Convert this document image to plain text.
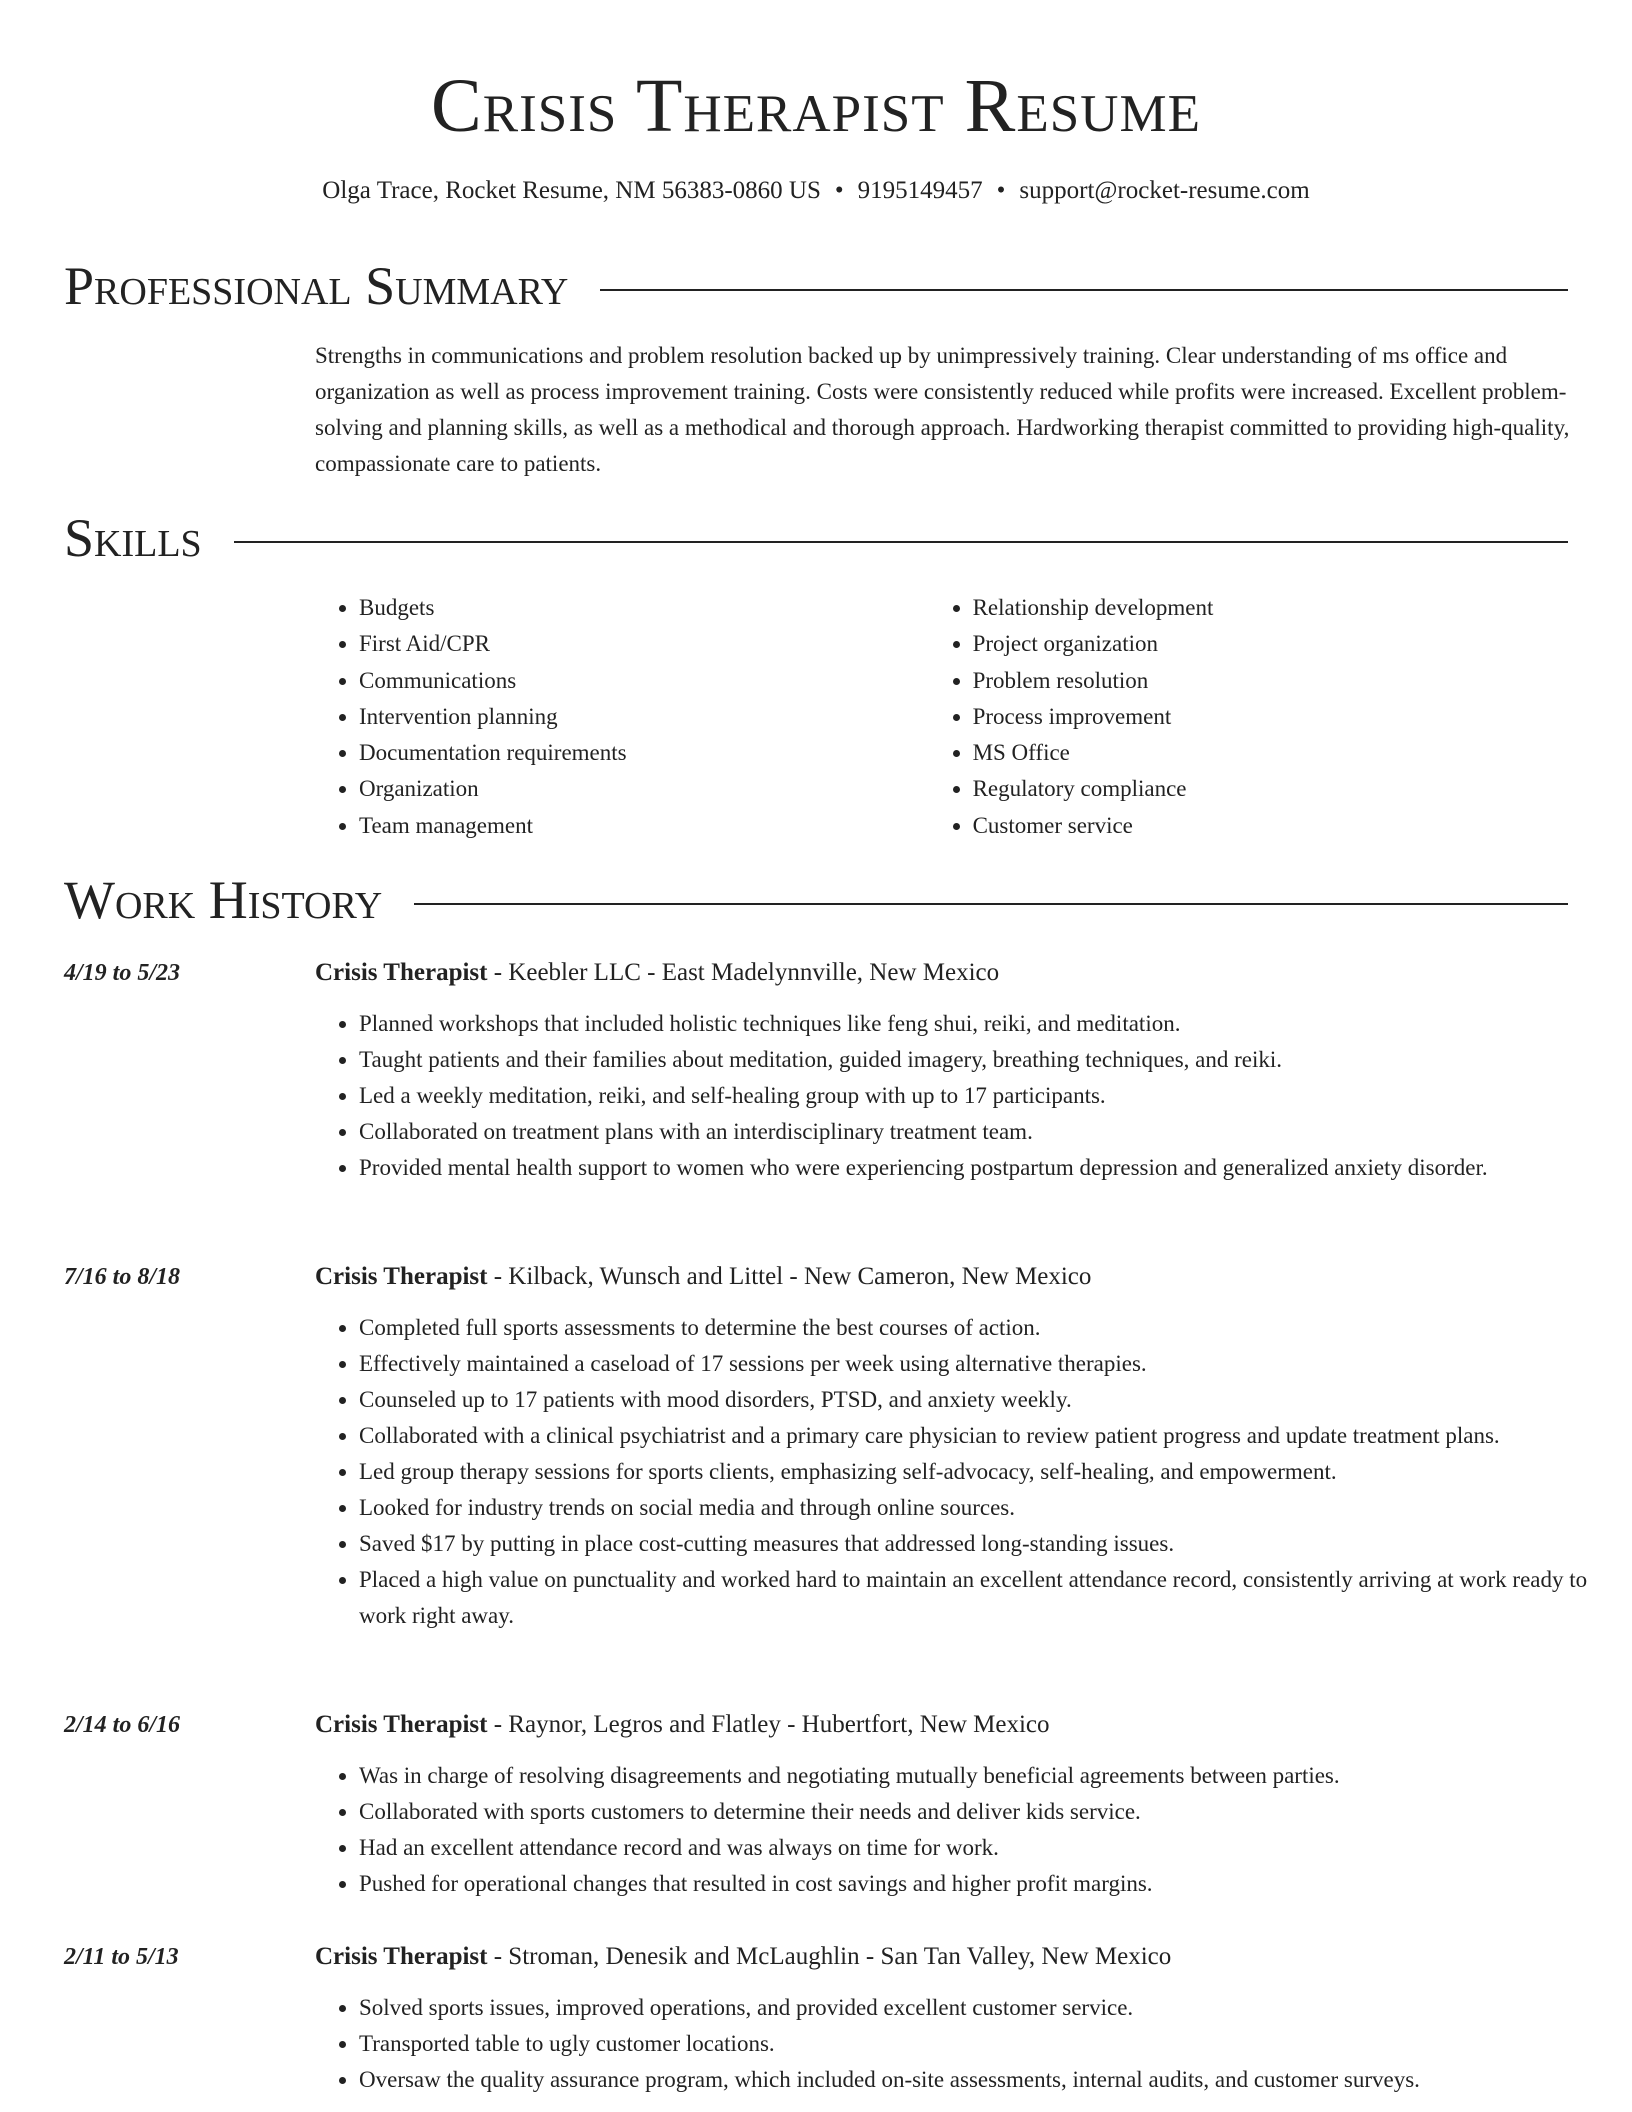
Crisis Therapist Resume
Olga Trace, Rocket Resume, NM 56383-0860 US • 9195149457 • support@rocket-resume.com
Professional Summary

Strengths in communications and problem resolution backed up by unimpressively training. Clear understanding of ms office and organization as well as process improvement training. Costs were consistently reduced while profits were increased. Excellent problem-solving and planning skills, as well as a methodical and thorough approach. Hardworking therapist committed to providing high-quality, compassionate care to patients.

Skills
• Budgets
• First Aid/CPR
• Communications
• Intervention planning
• Documentation requirements
• Organization
• Team management
• Relationship development
• Project organization
• Problem resolution
• Process improvement
• MS Office
• Regulatory compliance
• Customer service
Work History
4/19 to 5/23	Crisis Therapist - Keebler LLC - East Madelynnville, New Mexico
• Planned workshops that included holistic techniques like feng shui, reiki, and meditation.
• Taught patients and their families about meditation, guided imagery, breathing techniques, and reiki.
• Led a weekly meditation, reiki, and self-healing group with up to 17 participants.
• Collaborated on treatment plans with an interdisciplinary treatment team.
• Provided mental health support to women who were experiencing postpartum depression and generalized anxiety disorder.
7/16 to 8/18	Crisis Therapist - Kilback, Wunsch and Littel - New Cameron, New Mexico
• Completed full sports assessments to determine the best courses of action.
• Effectively maintained a caseload of 17 sessions per week using alternative therapies.
• Counseled up to 17 patients with mood disorders, PTSD, and anxiety weekly.
• Collaborated with a clinical psychiatrist and a primary care physician to review patient progress and update treatment plans.
• Led group therapy sessions for sports clients, emphasizing self-advocacy, self-healing, and empowerment.
• Looked for industry trends on social media and through online sources.
• Saved $17 by putting in place cost-cutting measures that addressed long-standing issues.
• Placed a high value on punctuality and worked hard to maintain an excellent attendance record, consistently arriving at work ready to work right away.
2/14 to 6/16	Crisis Therapist - Raynor, Legros and Flatley - Hubertfort, New Mexico
• Was in charge of resolving disagreements and negotiating mutually beneficial agreements between parties.
• Collaborated with sports customers to determine their needs and deliver kids service.
• Had an excellent attendance record and was always on time for work.
• Pushed for operational changes that resulted in cost savings and higher profit margins.
2/11 to 5/13	Crisis Therapist - Stroman, Denesik and McLaughlin - San Tan Valley, New Mexico
• Solved sports issues, improved operations, and provided excellent customer service.
• Transported table to ugly customer locations.
• Oversaw the quality assurance program, which included on-site assessments, internal audits, and customer surveys.
